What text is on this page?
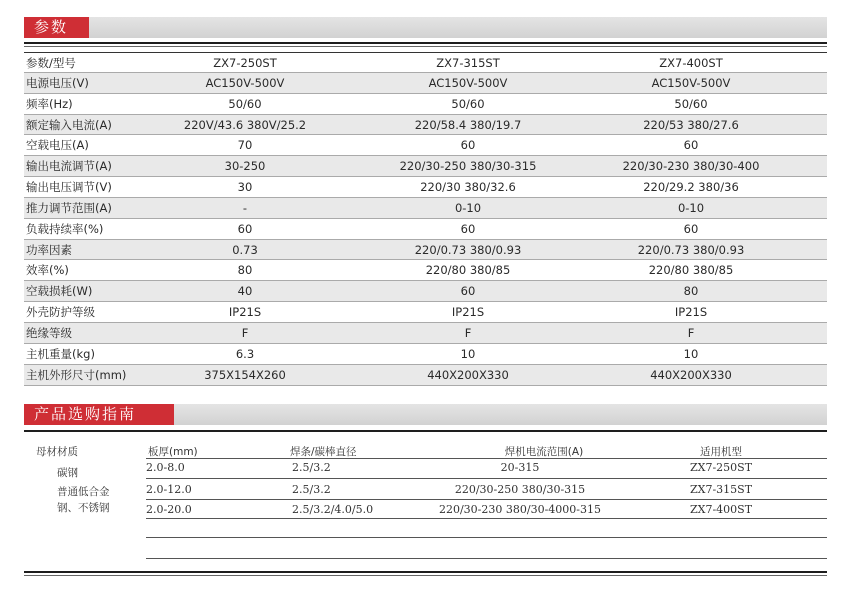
参数
参数/型号	ZX7-250ST	ZX7-315ST	ZX7-400ST
电源电压(V)	AC150V-500V	AC150V-500V	AC150V-500V
频率(Hz)	50/60	50/60	50/60
额定输入电流(A)	220V/43.6 380V/25.2	220/58.4 380/19.7	220/53 380/27.6
空载电压(A)	70	60	60
输出电流调节(A)	30-250	220/30-250 380/30-315	220/30-230 380/30-400
输出电压调节(V)	30	220/30 380/32.6	220/29.2 380/36
推力调节范围(A)	-	0-10	0-10
负载持续率(%)	60	60	60
功率因素	0.73	220/0.73 380/0.93	220/0.73 380/0.93
效率(%)	80	220/80 380/85	220/80 380/85
空载损耗(W)	40	60	80
外壳防护等级	IP21S	IP21S	IP21S
绝缘等级	F	F	F
主机重量(kg)	6.3	10	10
主机外形尺寸(mm)	375X154X260	440X200X330	440X200X330
产品选购指南
母材材质
碳钢
普通低合金
钢、不锈钢
板厚(mm)	焊条/碳棒直径	焊机电流范围(A)	适用机型
2.0-8.0	2.5/3.2	20-315	ZX7-250ST
2.0-12.0	2.5/3.2	220/30-250 380/30-315	ZX7-315ST
2.0-20.0	2.5/3.2/4.0/5.0	220/30-230 380/30-4000-315	ZX7-400ST
